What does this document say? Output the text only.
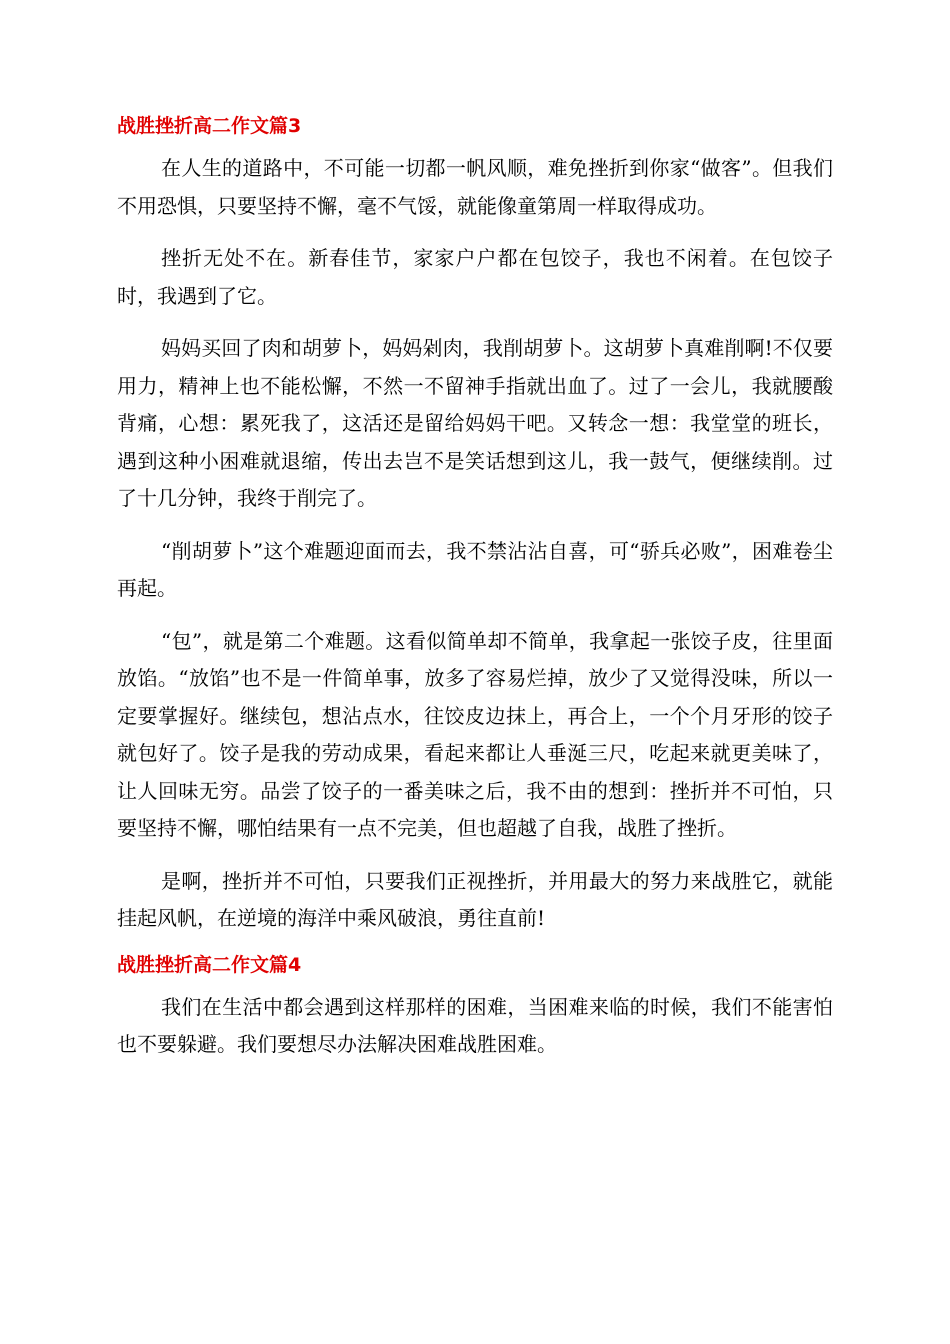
战胜挫折高二作文篇3

在人生的道路中，不可能一切都一帆风顺，难免挫折到你家“做客”。但我们不用恐惧，只要坚持不懈，毫不气馁，就能像童第周一样取得成功。

挫折无处不在。新春佳节，家家户户都在包饺子，我也不闲着。在包饺子时，我遇到了它。

妈妈买回了肉和胡萝卜，妈妈剁肉，我削胡萝卜。这胡萝卜真难削啊!不仅要用力，精神上也不能松懈，不然一不留神手指就出血了。过了一会儿，我就腰酸背痛，心想：累死我了，这活还是留给妈妈干吧。又转念一想：我堂堂的班长，遇到这种小困难就退缩，传出去岂不是笑话想到这儿，我一鼓气，便继续削。过了十几分钟，我终于削完了。

“削胡萝卜”这个难题迎面而去，我不禁沾沾自喜，可“骄兵必败”，困难卷尘再起。

“包”，就是第二个难题。这看似简单却不简单，我拿起一张饺子皮，往里面放馅。“放馅”也不是一件简单事，放多了容易烂掉，放少了又觉得没味，所以一定要掌握好。继续包，想沾点水，往饺皮边抹上，再合上，一个个月牙形的饺子就包好了。饺子是我的劳动成果，看起来都让人垂涎三尺，吃起来就更美味了，让人回味无穷。品尝了饺子的一番美味之后，我不由的想到：挫折并不可怕，只要坚持不懈，哪怕结果有一点不完美，但也超越了自我，战胜了挫折。

是啊，挫折并不可怕，只要我们正视挫折，并用最大的努力来战胜它，就能挂起风帆，在逆境的海洋中乘风破浪，勇往直前!

战胜挫折高二作文篇4

我们在生活中都会遇到这样那样的困难，当困难来临的时候，我们不能害怕也不要躲避。我们要想尽办法解决困难战胜困难。
